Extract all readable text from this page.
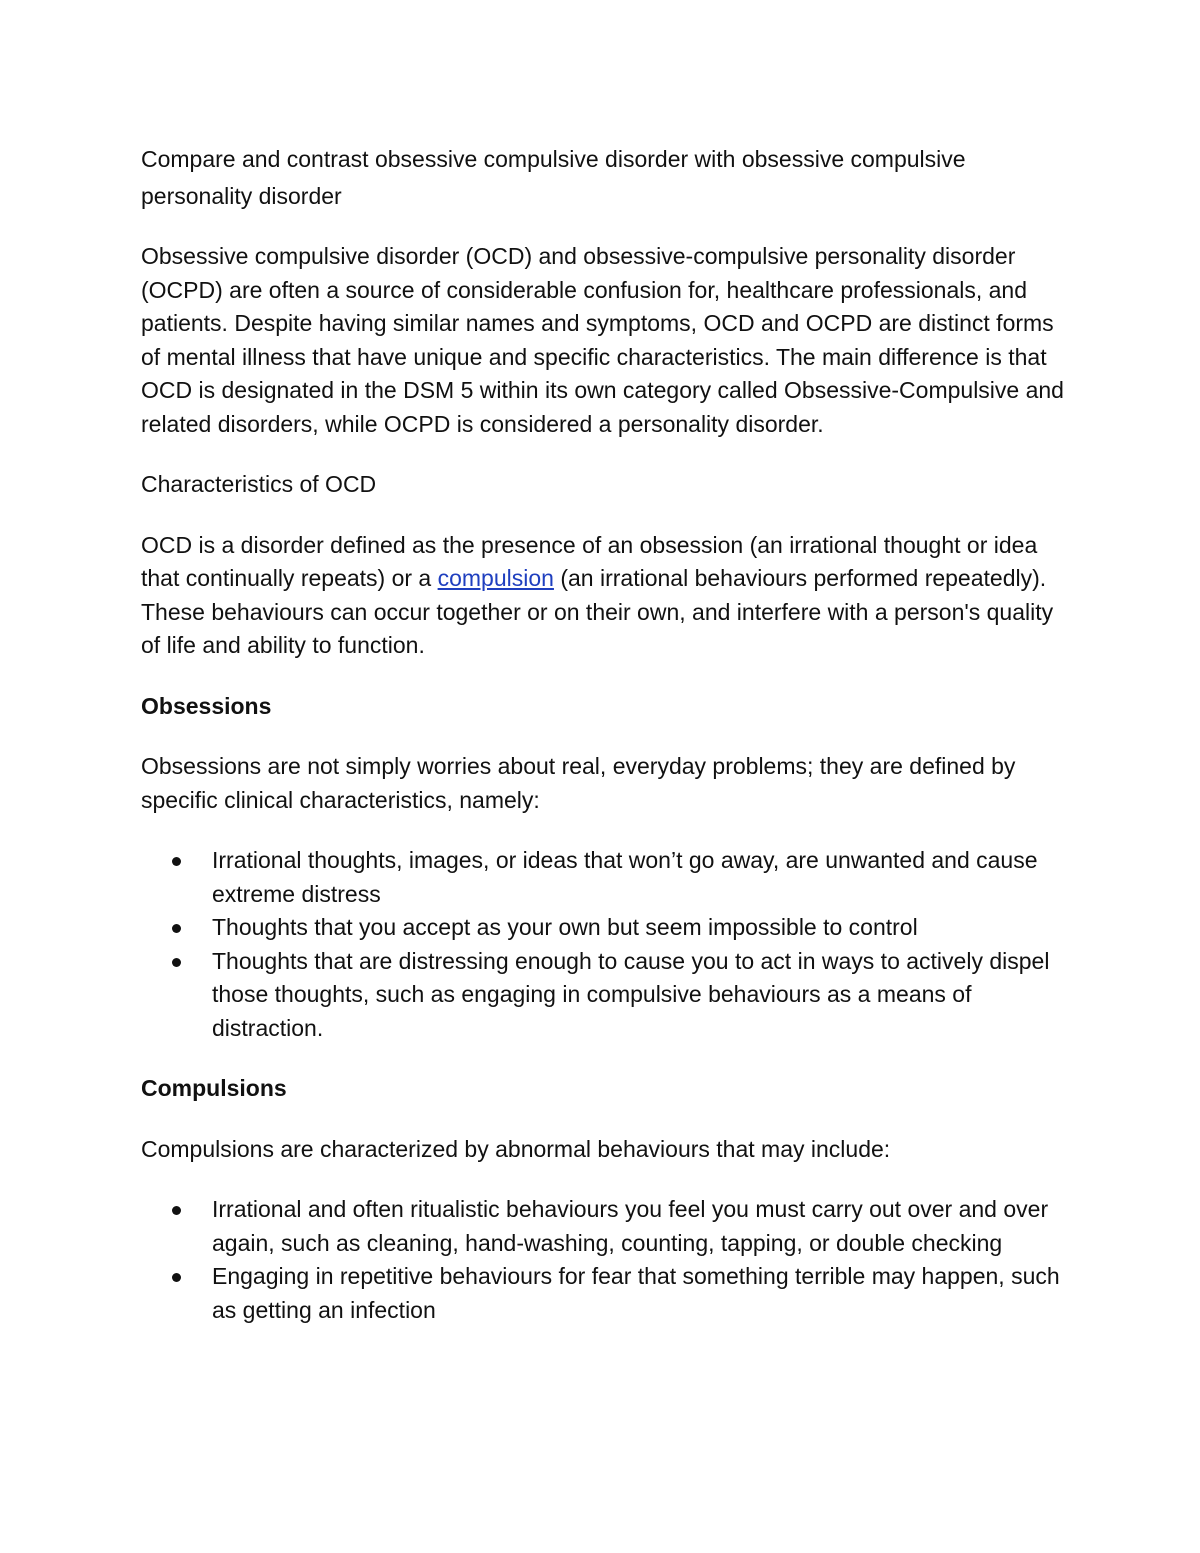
Compare and contrast obsessive compulsive disorder with obsessive compulsive personality disorder

Obsessive compulsive disorder (OCD) and obsessive-compulsive personality disorder (OCPD) are often a source of considerable confusion for, healthcare professionals, and patients. Despite having similar names and symptoms, OCD and OCPD are distinct forms of mental illness that have unique and specific characteristics. The main difference is that OCD is designated in the DSM 5 within its own category called Obsessive-Compulsive and related disorders, while OCPD is considered a personality disorder.

Characteristics of OCD

OCD is a disorder defined as the presence of an obsession (an irrational thought or idea that continually repeats) or a compulsion (an irrational behaviours performed repeatedly). These behaviours can occur together or on their own, and interfere with a person's quality of life and ability to function.

Obsessions

Obsessions are not simply worries about real, everyday problems; they are defined by specific clinical characteristics, namely:

Irrational thoughts, images, or ideas that won’t go away, are unwanted and cause extreme distress
Thoughts that you accept as your own but seem impossible to control
Thoughts that are distressing enough to cause you to act in ways to actively dispel those thoughts, such as engaging in compulsive behaviours as a means of distraction.

Compulsions

Compulsions are characterized by abnormal behaviours that may include:

Irrational and often ritualistic behaviours you feel you must carry out over and over again, such as cleaning, hand-washing, counting, tapping, or double checking
Engaging in repetitive behaviours for fear that something terrible may happen, such as getting an infection
